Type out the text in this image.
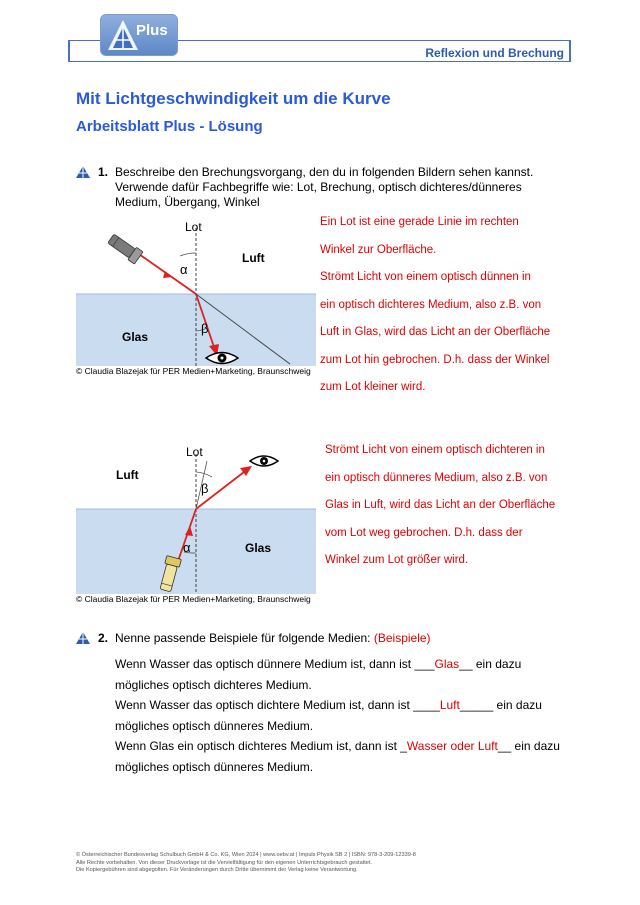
Plus
Reflexion und Brechung
Mit Lichtgeschwindigkeit um die Kurve
Arbeitsblatt Plus - Lösung
1. Beschreibe den Brechungsvorgang, den du in folgenden Bildern sehen kannst.
Verwende dafür Fachbegriffe wie: Lot, Brechung, optisch dichteres/dünneres
Medium, Übergang, Winkel
Lot
α
β
Luft
Glas
© Claudia Blazejak für PER Medien+Marketing, Braunschweig
Ein Lot ist eine gerade Linie im rechten
Winkel zur Oberfläche.
Strömt Licht von einem optisch dünnen in
ein optisch dichteres Medium, also z.B. von
Luft in Glas, wird das Licht an der Oberfläche
zum Lot hin gebrochen. D.h. dass der Winkel
zum Lot kleiner wird.
Lot
β
α
Luft
Glas
© Claudia Blazejak für PER Medien+Marketing, Braunschweig
Strömt Licht von einem optisch dichteren in
ein optisch dünneres Medium, also z.B. von
Glas in Luft, wird das Licht an der Oberfläche
vom Lot weg gebrochen. D.h. dass der
Winkel zum Lot größer wird.
2. Nenne passende Beispiele für folgende Medien: (Beispiele)
Wenn Wasser das optisch dünnere Medium ist, dann ist ___Glas__ ein dazu
mögliches optisch dichteres Medium.
Wenn Wasser das optisch dichtere Medium ist, dann ist ____Luft_____ ein dazu
mögliches optisch dünneres Medium.
Wenn Glas ein optisch dichteres Medium ist, dann ist _Wasser oder Luft__ ein dazu
mögliches optisch dünneres Medium.
© Österreichischer Bundesverlag Schulbuch GmbH & Co. KG, Wien 2024 | www.oebv.at | Impuls Physik SB 2 | ISBN: 978-3-209-12339-8
Alle Rechte vorbehalten. Von dieser Druckvorlage ist die Vervielfältigung für den eigenen Unterrichtsgebrauch gestattet.
Die Kopiergebühren sind abgegolten. Für Veränderungen durch Dritte übernimmt der Verlag keine Verantwortung.
